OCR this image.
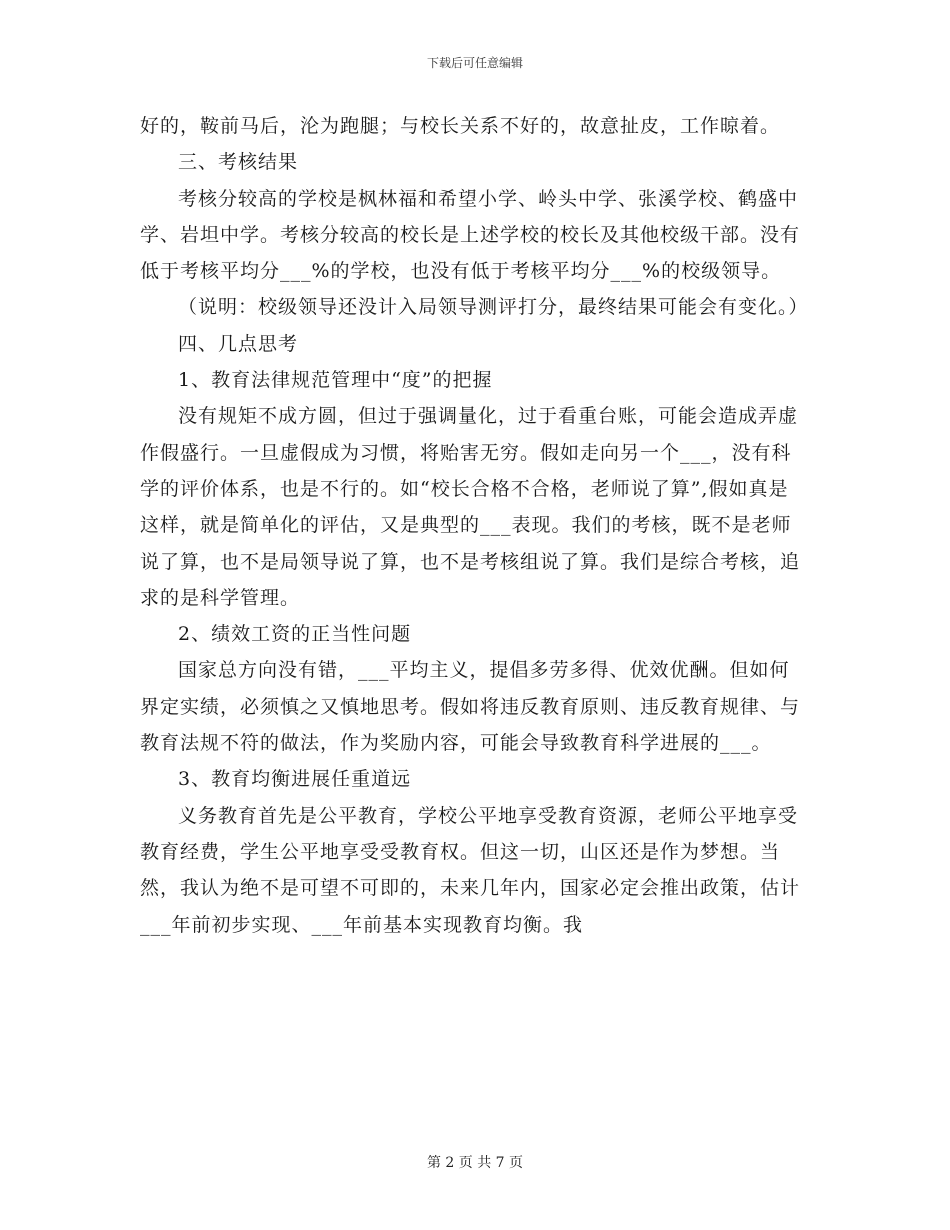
下载后可任意编辑

好的，鞍前马后，沦为跑腿；与校长关系不好的，故意扯皮，工作晾着。

三、考核结果

考核分较高的学校是枫林福和希望小学、岭头中学、张溪学校、鹤盛中学、岩坦中学。考核分较高的校长是上述学校的校长及其他校级干部。没有低于考核平均分___%的学校，也没有低于考核平均分___%的校级领导。

（说明：校级领导还没计入局领导测评打分，最终结果可能会有变化。）

四、几点思考

1、教育法律规范管理中“度”的把握

没有规矩不成方圆，但过于强调量化，过于看重台账，可能会造成弄虚作假盛行。一旦虚假成为习惯，将贻害无穷。假如走向另一个___，没有科学的评价体系，也是不行的。如“校长合格不合格，老师说了算”,假如真是这样，就是简单化的评估，又是典型的___表现。我们的考核，既不是老师说了算，也不是局领导说了算，也不是考核组说了算。我们是综合考核，追求的是科学管理。

2、绩效工资的正当性问题

国家总方向没有错，___平均主义，提倡多劳多得、优效优酬。但如何界定实绩，必须慎之又慎地思考。假如将违反教育原则、违反教育规律、与教育法规不符的做法，作为奖励内容，可能会导致教育科学进展的___。

3、教育均衡进展任重道远

义务教育首先是公平教育，学校公平地享受教育资源，老师公平地享受教育经费，学生公平地享受受教育权。但这一切，山区还是作为梦想。当然，我认为绝不是可望不可即的，未来几年内，国家必定会推出政策，估计___年前初步实现、___年前基本实现教育均衡。我

第 2 页 共 7 页
